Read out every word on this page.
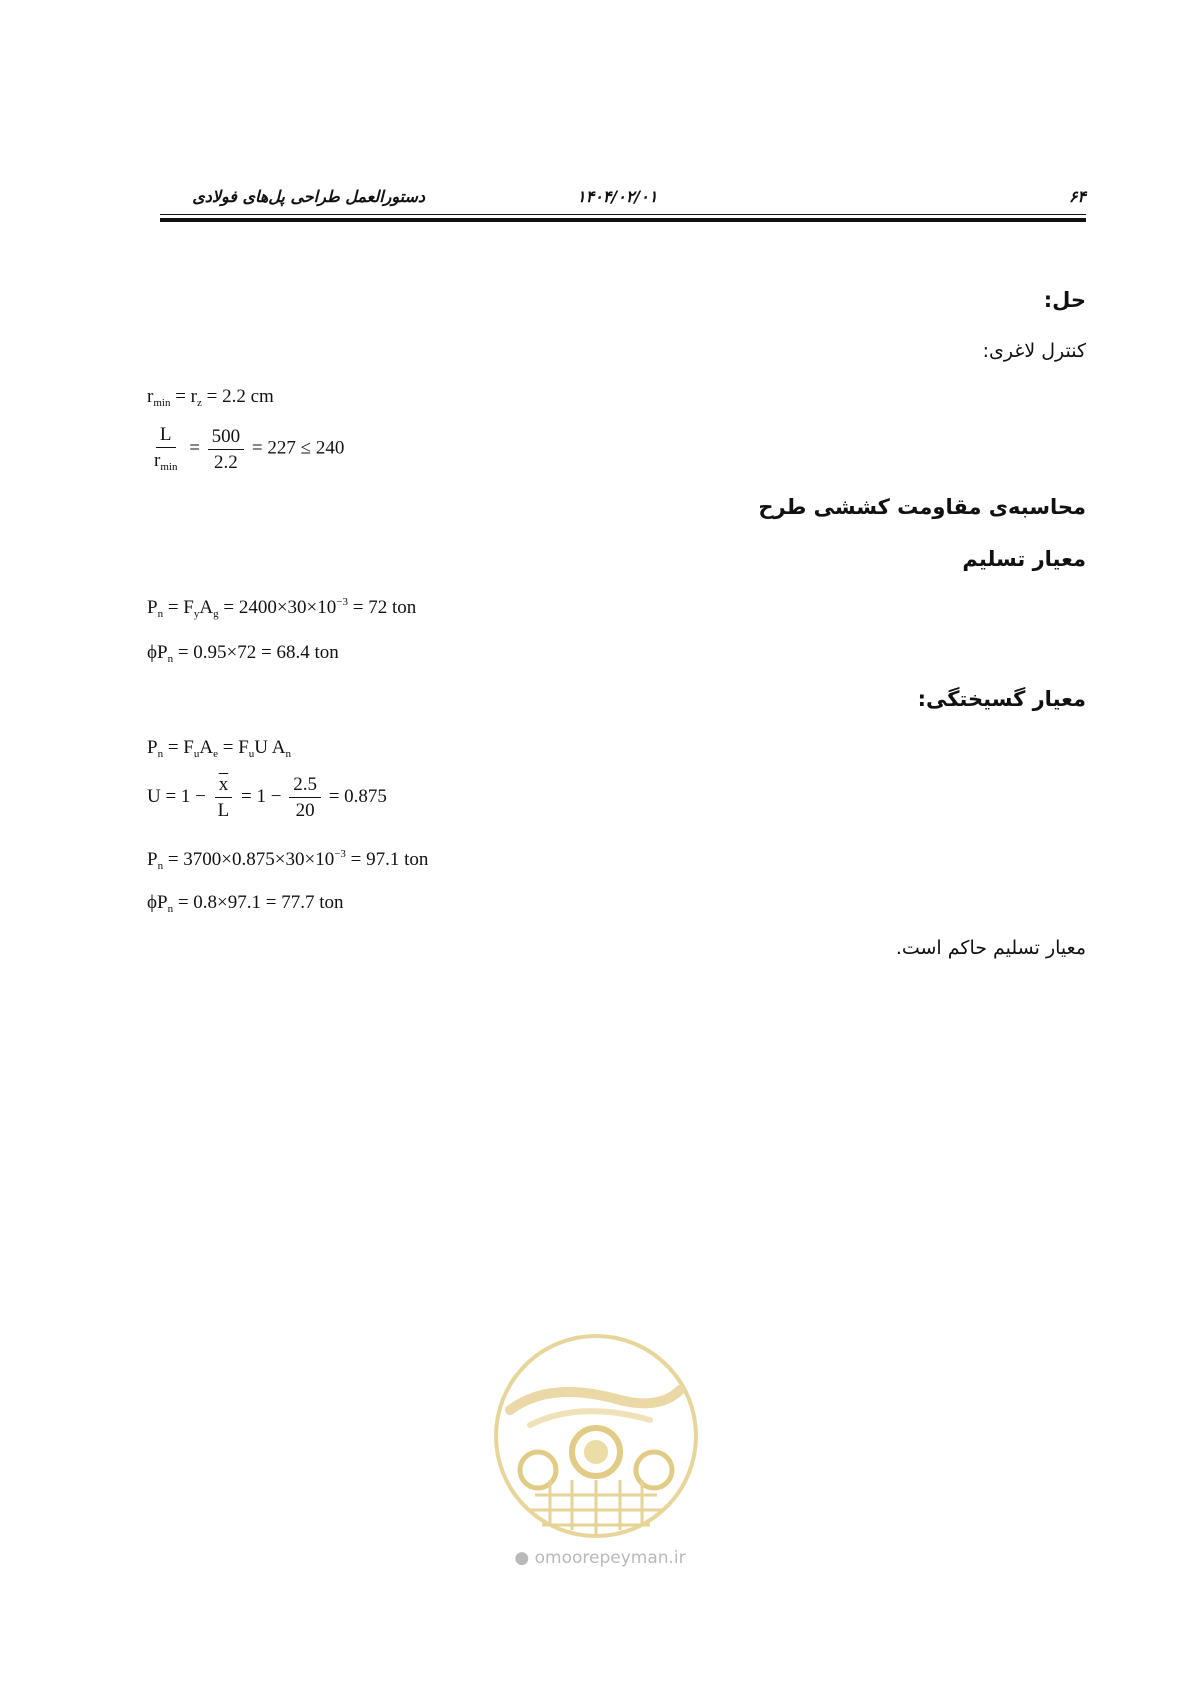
دستورالعمل طراحی پل‌های فولادی	۱۴۰۴/۰۲/۰۱	۶۴
حل:
کنترل لاغری:
$r_{min} = r_z = 2.2$ cm
$\frac{L}{r_{min}} = \frac{500}{2.2} = 227 \le 240$
محاسبه‌ی مقاومت کششی طرح
معیار تسلیم
$P_n = F_yA_g = 2400\times 30\times 10^{-3} = 72$ ton
$\phi P_n = 0.95\times 72 = 68.4$ ton
معیار گسیختگی:
$P_n = F_uA_e = F_uU$ $A_n$
$U = 1 - \frac{\overline{x}}{L} = 1 - \frac{2.5}{20} = 0.875$
$P_n = 3700\times 0.875\times 30\times 10^{-3} = 97.1$ ton
$\phi P_n = 0.8\times 97.1 = 77.7$ ton
معیار تسلیم حاکم است.
● omoorepeyman.ir
